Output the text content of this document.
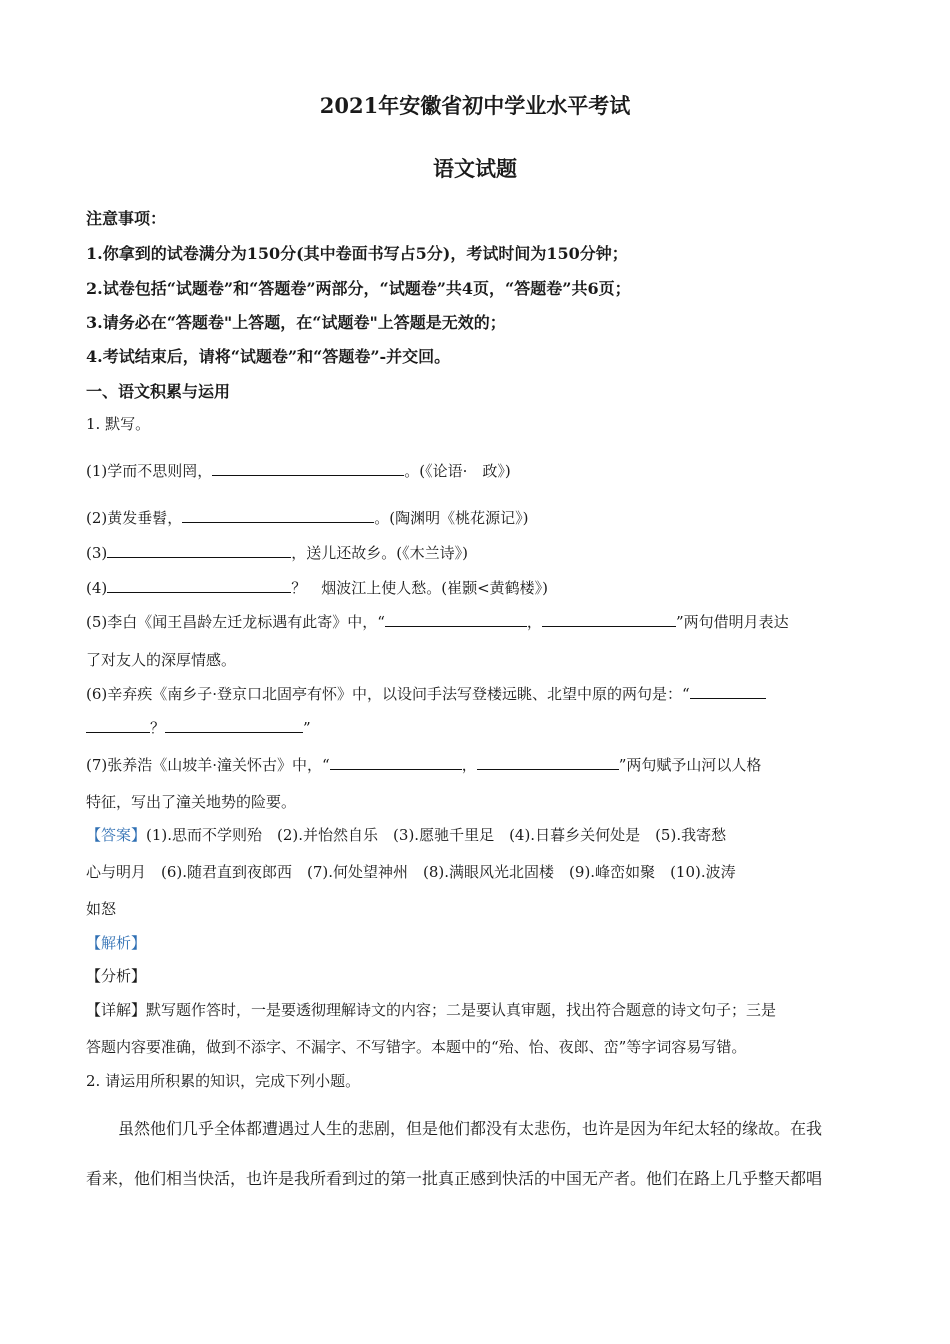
2021年安徽省初中学业水平考试
语文试题
注意事项：
1.你拿到的试卷满分为150分(其中卷面书写占5分)，考试时间为150分钟；
2.试卷包括“试题卷”和“答题卷”两部分，“试题卷”共4页，“答题卷”共6页；
3.请务必在“答题卷"上答题，在“试题卷"上答题是无效的；
4.考试结束后，请将“试题卷”和“答题卷”-并交回。
一、语文积累与运用
1. 默写。
(1)学而不思则罔，	。(《论语·　政》)
(2)黄发垂髫，	。(陶渊明《桃花源记》)
(3)	，送儿还故乡。(《木兰诗》)
(4)	？　烟波江上使人愁。(崔颢<黄鹤楼》)
(5)李白《闻王昌龄左迁龙标遇有此寄》中，“	，	”两句借明月表达
了对友人的深厚情感。
(6)辛弃疾《南乡子·登京口北固亭有怀》中，以设问手法写登楼远眺、北望中原的两句是：“
？	”
(7)张养浩《山坡羊·潼关怀古》中，“	，	”两句赋予山河以人格
特征，写出了潼关地势的险要。
【答案】(1).思而不学则殆　(2).并怡然自乐　(3).愿驰千里足　(4).日暮乡关何处是　(5).我寄愁
心与明月　(6).随君直到夜郎西　(7).何处望神州　(8).满眼风光北固楼　(9).峰峦如聚　(10).波涛
如怒
【解析】
【分析】
【详解】默写题作答时，一是要透彻理解诗文的内容；二是要认真审题，找出符合题意的诗文句子；三是
答题内容要准确，做到不添字、不漏字、不写错字。本题中的“殆、怡、夜郎、峦”等字词容易写错。
2. 请运用所积累的知识，完成下列小题。
　　虽然他们几乎全体都遭遇过人生的悲剧，但是他们都没有太悲伤，也许是因为年纪太轻的缘故。在我
看来，他们相当快活，也许是我所看到过的第一批真正感到快活的中国无产者。他们在路上几乎整天都唱
